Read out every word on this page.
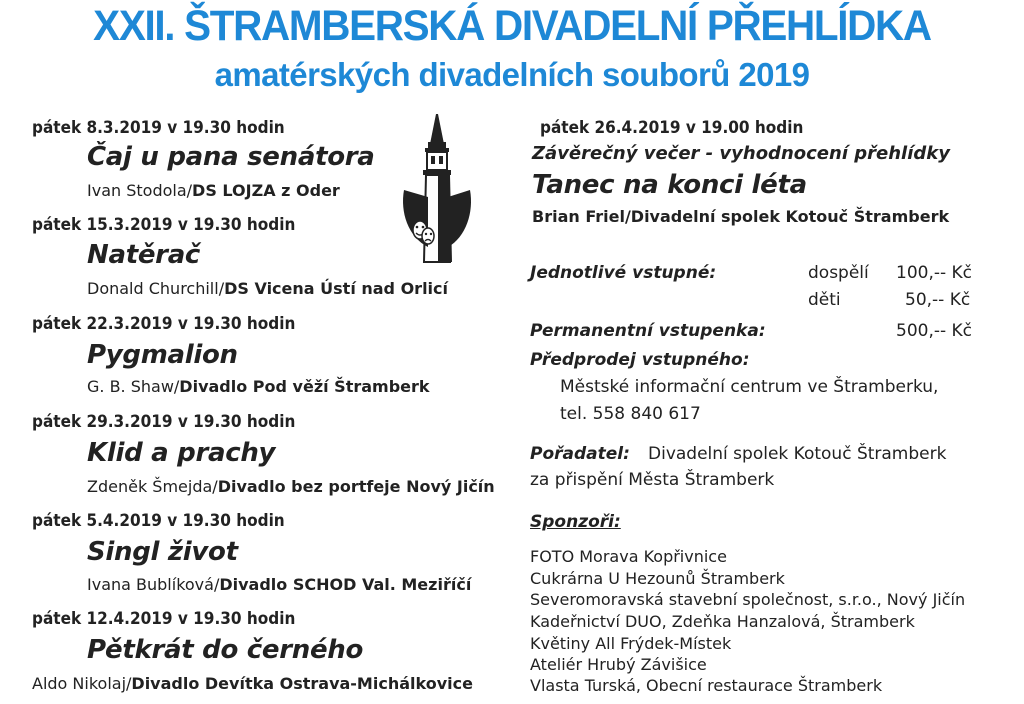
XXII. ŠTRAMBERSKÁ DIVADELNÍ PŘEHLÍDKA
amatérských divadelních souborů 2019
pátek 8.3.2019 v 19.30 hodin
Čaj u pana senátora
Ivan Stodola/DS LOJZA z Oder
pátek 15.3.2019 v 19.30 hodin
Natěrač
Donald Churchill/DS Vicena Ústí nad Orlicí
pátek 22.3.2019 v 19.30 hodin
Pygmalion
G. B. Shaw/Divadlo Pod věží Štramberk
pátek 29.3.2019 v 19.30 hodin
Klid a prachy
Zdeněk Šmejda/Divadlo bez portfeje Nový Jičín
pátek 5.4.2019 v 19.30 hodin
Singl život
Ivana Bublíková/Divadlo SCHOD Val. Meziříčí
pátek 12.4.2019 v 19.30 hodin
Pětkrát do černého
Aldo Nikolaj/Divadlo Devítka Ostrava-Michálkovice
pátek 26.4.2019 v 19.00 hodin
Závěrečný večer - vyhodnocení přehlídky
Tanec na konci léta
Brian Friel/Divadelní spolek Kotouč Štramberk
Jednotlivé vstupné:	dospělí 100,-- Kč
děti	50,-- Kč
Permanentní vstupenka:	500,-- Kč
Předprodej vstupného:
Městské informační centrum ve Štramberku,
tel. 558 840 617
Pořadatel: Divadelní spolek Kotouč Štramberk
za přispění Města Štramberk
Sponzoři:
FOTO Morava Kopřivnice
Cukrárna U Hezounů Štramberk
Severomoravská stavební společnost, s.r.o., Nový Jičín
Kadeřnictví DUO, Zdeňka Hanzalová, Štramberk
Květiny All Frýdek-Místek
Ateliér Hrubý Závišice
Vlasta Turská, Obecní restaurace Štramberk
